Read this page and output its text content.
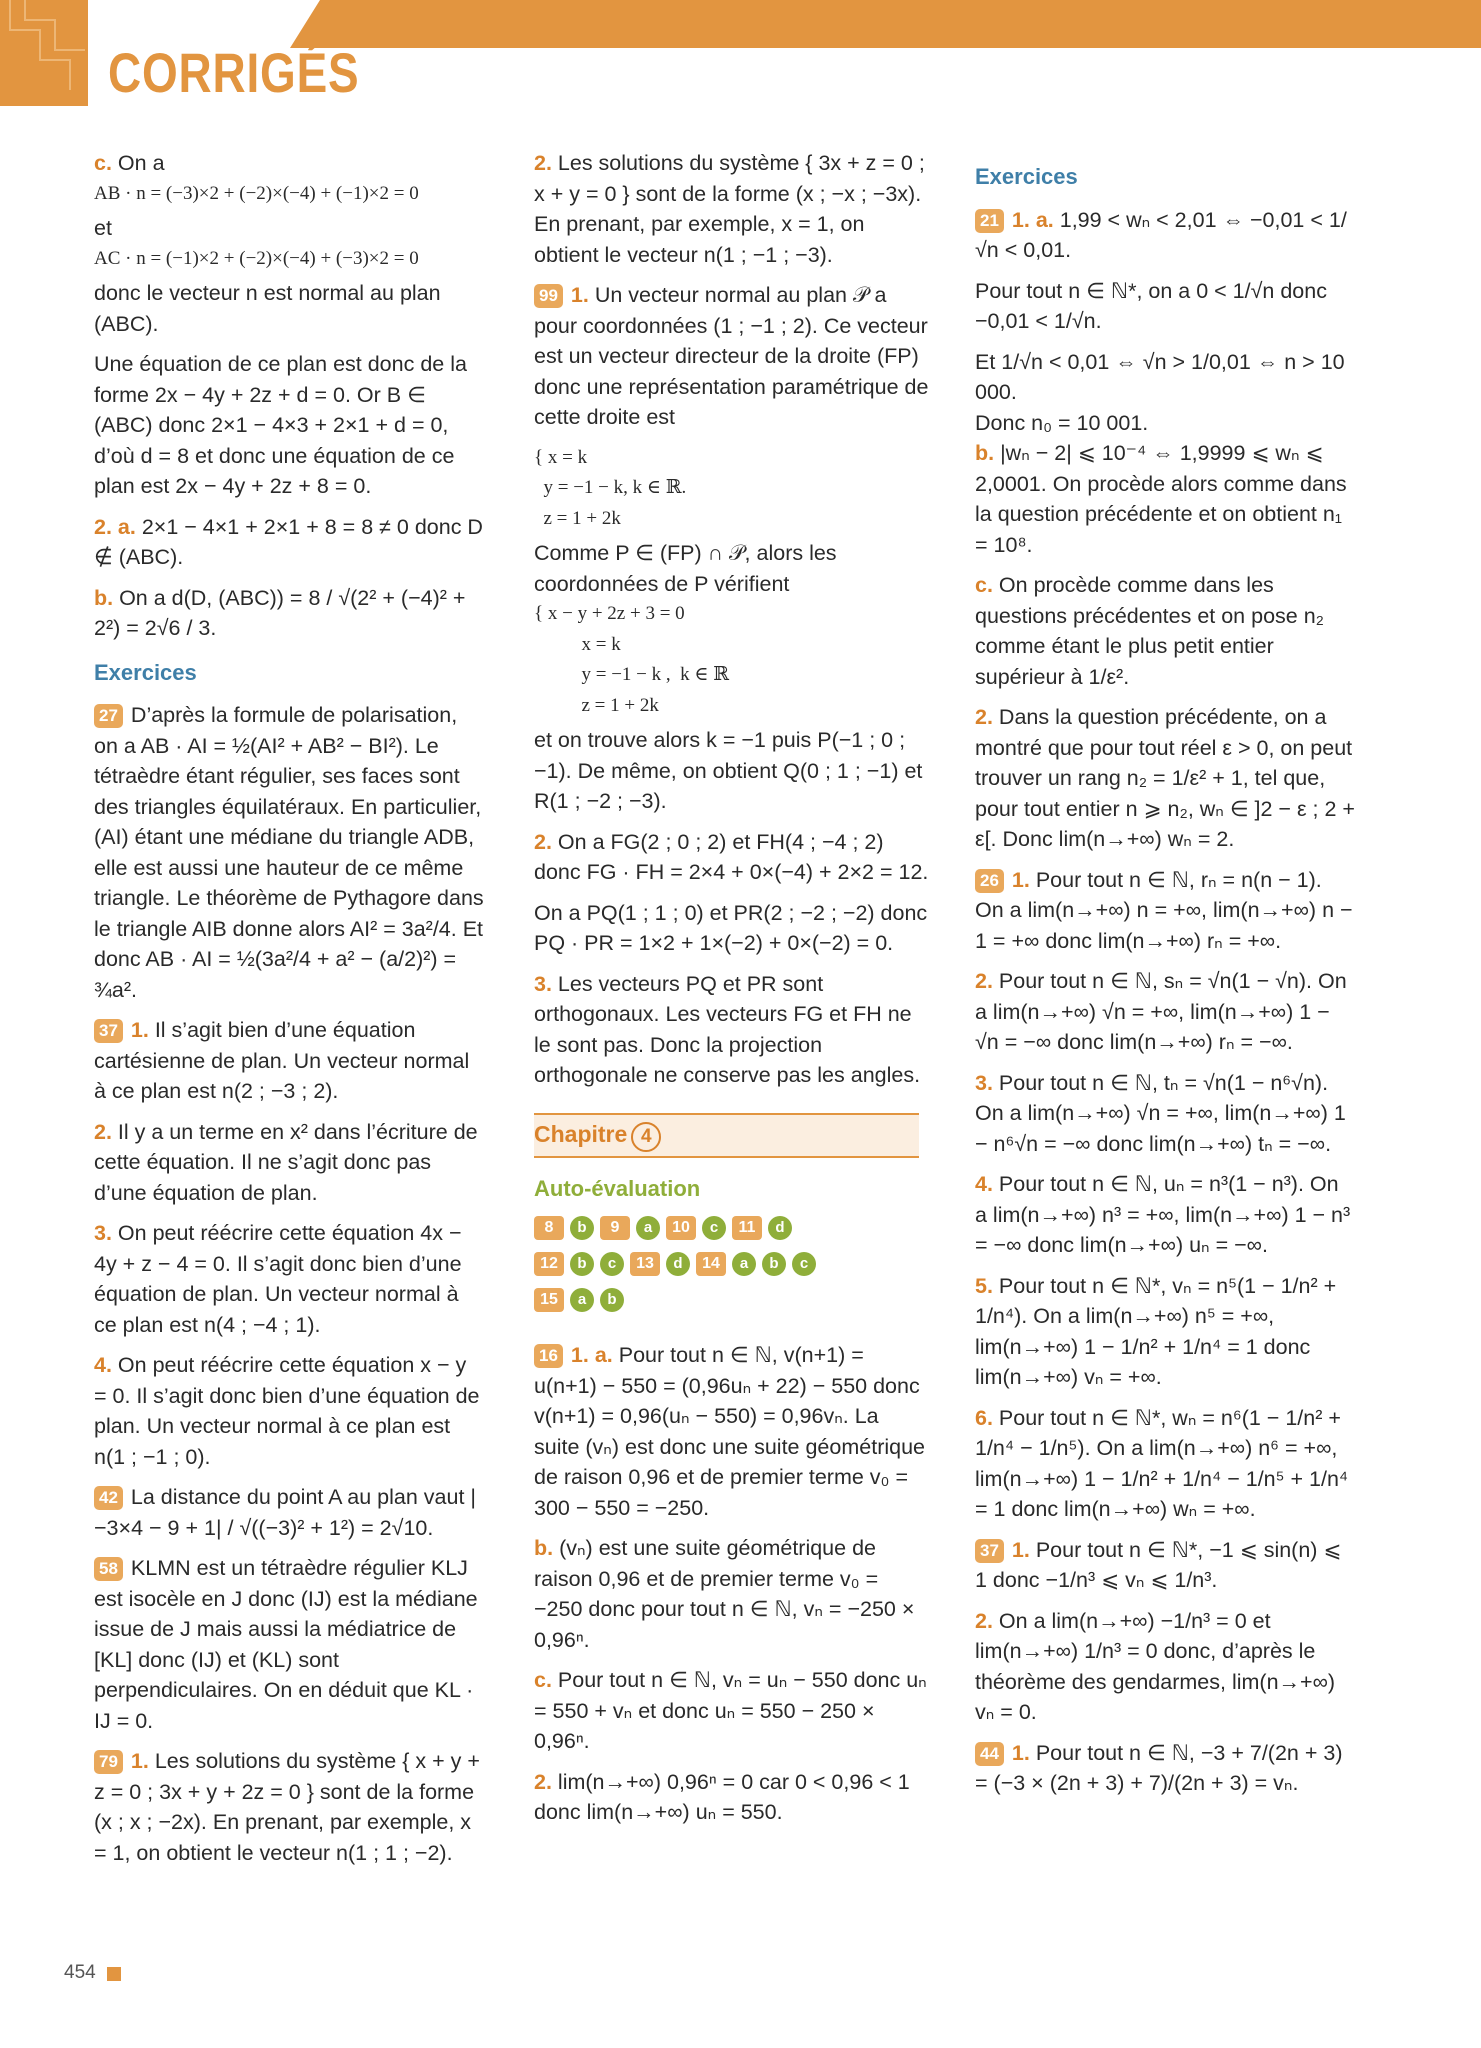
CORRIGÉS
c. On a
AB · n = (−3)×2 + (−2)×(−4) + (−1)×2 = 0
et
AC · n = (−1)×2 + (−2)×(−4) + (−3)×2 = 0
donc le vecteur n est normal au plan (ABC).
Une équation de ce plan est donc de la forme 2x − 4y + 2z + d = 0. Or B ∈ (ABC) donc 2×1 − 4×3 + 2×1 + d = 0, d’où d = 8 et donc une équation de ce plan est 2x − 4y + 2z + 8 = 0.
2. a. 2×1 − 4×1 + 2×1 + 8 = 8 ≠ 0 donc D ∉ (ABC).
b. On a d(D, (ABC)) = 8 / √(2² + (−4)² + 2²) = 2√6 / 3.
Exercices
27 D’après la formule de polarisation, on a AB · AI = ½(AI² + AB² − BI²). Le tétraèdre étant régulier, ses faces sont des triangles équilatéraux. En particulier, (AI) étant une médiane du triangle ADB, elle est aussi une hauteur de ce même triangle. Le théorème de Pythagore dans le triangle AIB donne alors AI² = 3a²/4. Et donc AB · AI = ½(3a²/4 + a² − (a/2)²) = ¾a².
37 1. Il s’agit bien d’une équation cartésienne de plan. Un vecteur normal à ce plan est n(2 ; −3 ; 2).
2. Il y a un terme en x² dans l’écriture de cette équation. Il ne s’agit donc pas d’une équation de plan.
3. On peut réécrire cette équation 4x − 4y + z − 4 = 0. Il s’agit donc bien d’une équation de plan. Un vecteur normal à ce plan est n(4 ; −4 ; 1).
4. On peut réécrire cette équation x − y = 0. Il s’agit donc bien d’une équation de plan. Un vecteur normal à ce plan est n(1 ; −1 ; 0).
42 La distance du point A au plan vaut |−3×4 − 9 + 1| / √((−3)² + 1²) = 2√10.
58 KLMN est un tétraèdre régulier KLJ est isocèle en J donc (IJ) est la médiane issue de J mais aussi la médiatrice de [KL] donc (IJ) et (KL) sont perpendiculaires. On en déduit que KL · IJ = 0.
79 1. Les solutions du système { x + y + z = 0 ; 3x + y + 2z = 0 } sont de la forme (x ; x ; −2x). En prenant, par exemple, x = 1, on obtient le vecteur n(1 ; 1 ; −2).
2. Les solutions du système { 3x + z = 0 ; x + y = 0 } sont de la forme (x ; −x ; −3x). En prenant, par exemple, x = 1, on obtient le vecteur n(1 ; −1 ; −3).
99 1. Un vecteur normal au plan 𝒫 a pour coordonnées (1 ; −1 ; 2). Ce vecteur est un vecteur directeur de la droite (FP) donc une représentation paramétrique de cette droite est
{ x = k
y = −1 − k, k ∈ ℝ.
z = 1 + 2k
Comme P ∈ (FP) ∩ 𝒫, alors les coordonnées de P vérifient
{ x − y + 2z + 3 = 0
x = k
y = −1 − k ,  k ∈ ℝ
z = 1 + 2k
et on trouve alors k = −1 puis P(−1 ; 0 ; −1). De même, on obtient Q(0 ; 1 ; −1) et R(1 ; −2 ; −3).
2. On a FG(2 ; 0 ; 2) et FH(4 ; −4 ; 2) donc FG · FH = 2×4 + 0×(−4) + 2×2 = 12.
On a PQ(1 ; 1 ; 0) et PR(2 ; −2 ; −2) donc PQ · PR = 1×2 + 1×(−2) + 0×(−2) = 0.
3. Les vecteurs PQ et PR sont orthogonaux. Les vecteurs FG et FH ne le sont pas. Donc la projection orthogonale ne conserve pas les angles.
Chapitre 4
Auto-évaluation
8	b	9	a	10	c	11	d
12	b	c	13	d	14	a	b	c
15	a	b
16 1. a. Pour tout n ∈ ℕ, v(n+1) = u(n+1) − 550 = (0,96uₙ + 22) − 550 donc v(n+1) = 0,96(uₙ − 550) = 0,96vₙ. La suite (vₙ) est donc une suite géométrique de raison 0,96 et de premier terme v₀ = 300 − 550 = −250.
b. (vₙ) est une suite géométrique de raison 0,96 et de premier terme v₀ = −250 donc pour tout n ∈ ℕ, vₙ = −250 × 0,96ⁿ.
c. Pour tout n ∈ ℕ, vₙ = uₙ − 550 donc uₙ = 550 + vₙ et donc uₙ = 550 − 250 × 0,96ⁿ.
2. lim(n→+∞) 0,96ⁿ = 0 car 0 < 0,96 < 1 donc lim(n→+∞) uₙ = 550.
Exercices
21 1. a. 1,99 < wₙ < 2,01 ⇔ −0,01 < 1/√n < 0,01.
Pour tout n ∈ ℕ*, on a 0 < 1/√n donc −0,01 < 1/√n.
Et 1/√n < 0,01 ⇔ √n > 1/0,01 ⇔ n > 10 000.
Donc n₀ = 10 001.
b. |wₙ − 2| ⩽ 10⁻⁴ ⇔ 1,9999 ⩽ wₙ ⩽ 2,0001. On procède alors comme dans la question précédente et on obtient n₁ = 10⁸.
c. On procède comme dans les questions précédentes et on pose n₂ comme étant le plus petit entier supérieur à 1/ε².
2. Dans la question précédente, on a montré que pour tout réel ε > 0, on peut trouver un rang n₂ = 1/ε² + 1, tel que, pour tout entier n ⩾ n₂, wₙ ∈ ]2 − ε ; 2 + ε[. Donc lim(n→+∞) wₙ = 2.
26 1. Pour tout n ∈ ℕ, rₙ = n(n − 1). On a lim(n→+∞) n = +∞, lim(n→+∞) n − 1 = +∞ donc lim(n→+∞) rₙ = +∞.
2. Pour tout n ∈ ℕ, sₙ = √n(1 − √n). On a lim(n→+∞) √n = +∞, lim(n→+∞) 1 − √n = −∞ donc lim(n→+∞) rₙ = −∞.
3. Pour tout n ∈ ℕ, tₙ = √n(1 − n⁶√n). On a lim(n→+∞) √n = +∞, lim(n→+∞) 1 − n⁶√n = −∞ donc lim(n→+∞) tₙ = −∞.
4. Pour tout n ∈ ℕ, uₙ = n³(1 − n³). On a lim(n→+∞) n³ = +∞, lim(n→+∞) 1 − n³ = −∞ donc lim(n→+∞) uₙ = −∞.
5. Pour tout n ∈ ℕ*, vₙ = n⁵(1 − 1/n² + 1/n⁴). On a lim(n→+∞) n⁵ = +∞, lim(n→+∞) 1 − 1/n² + 1/n⁴ = 1 donc lim(n→+∞) vₙ = +∞.
6. Pour tout n ∈ ℕ*, wₙ = n⁶(1 − 1/n² + 1/n⁴ − 1/n⁵). On a lim(n→+∞) n⁶ = +∞, lim(n→+∞) 1 − 1/n² + 1/n⁴ − 1/n⁵ + 1/n⁴ = 1 donc lim(n→+∞) wₙ = +∞.
37 1. Pour tout n ∈ ℕ*, −1 ⩽ sin(n) ⩽ 1 donc −1/n³ ⩽ vₙ ⩽ 1/n³.
2. On a lim(n→+∞) −1/n³ = 0 et lim(n→+∞) 1/n³ = 0 donc, d’après le théorème des gendarmes, lim(n→+∞) vₙ = 0.
44 1. Pour tout n ∈ ℕ, −3 + 7/(2n + 3) = (−3 × (2n + 3) + 7)/(2n + 3) = vₙ.
454
